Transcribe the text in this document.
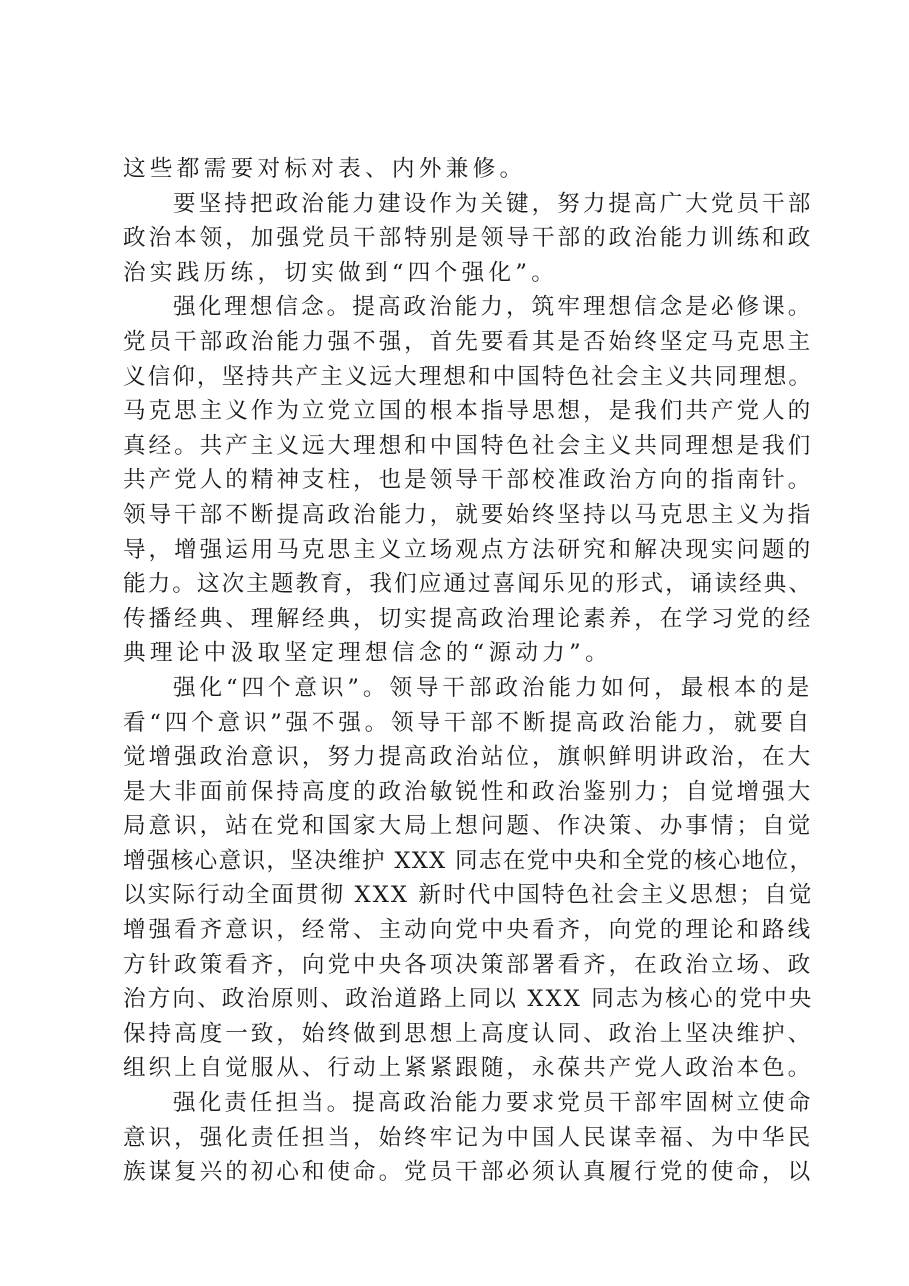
这些都需要对标对表、内外兼修。
要坚持把政治能力建设作为关键，努力提高广大党员干部
政治本领，加强党员干部特别是领导干部的政治能力训练和政
治实践历练，切实做到“四个强化”。
强化理想信念。提高政治能力，筑牢理想信念是必修课。
党员干部政治能力强不强，首先要看其是否始终坚定马克思主
义信仰，坚持共产主义远大理想和中国特色社会主义共同理想。
马克思主义作为立党立国的根本指导思想，是我们共产党人的
真经。共产主义远大理想和中国特色社会主义共同理想是我们
共产党人的精神支柱，也是领导干部校准政治方向的指南针。
领导干部不断提高政治能力，就要始终坚持以马克思主义为指
导，增强运用马克思主义立场观点方法研究和解决现实问题的
能力。这次主题教育，我们应通过喜闻乐见的形式，诵读经典、
传播经典、理解经典，切实提高政治理论素养，在学习党的经
典理论中汲取坚定理想信念的“源动力”。
强化“四个意识”。领导干部政治能力如何，最根本的是
看“四个意识”强不强。领导干部不断提高政治能力，就要自
觉增强政治意识，努力提高政治站位，旗帜鲜明讲政治，在大
是大非面前保持高度的政治敏锐性和政治鉴别力；自觉增强大
局意识，站在党和国家大局上想问题、作决策、办事情；自觉
增强核心意识，坚决维护 XXX 同志在党中央和全党的核心地位，
以实际行动全面贯彻 XXX 新时代中国特色社会主义思想；自觉
增强看齐意识，经常、主动向党中央看齐，向党的理论和路线
方针政策看齐，向党中央各项决策部署看齐，在政治立场、政
治方向、政治原则、政治道路上同以 XXX 同志为核心的党中央
保持高度一致，始终做到思想上高度认同、政治上坚决维护、
组织上自觉服从、行动上紧紧跟随，永葆共产党人政治本色。
强化责任担当。提高政治能力要求党员干部牢固树立使命
意识，强化责任担当，始终牢记为中国人民谋幸福、为中华民
族谋复兴的初心和使命。党员干部必须认真履行党的使命，以
